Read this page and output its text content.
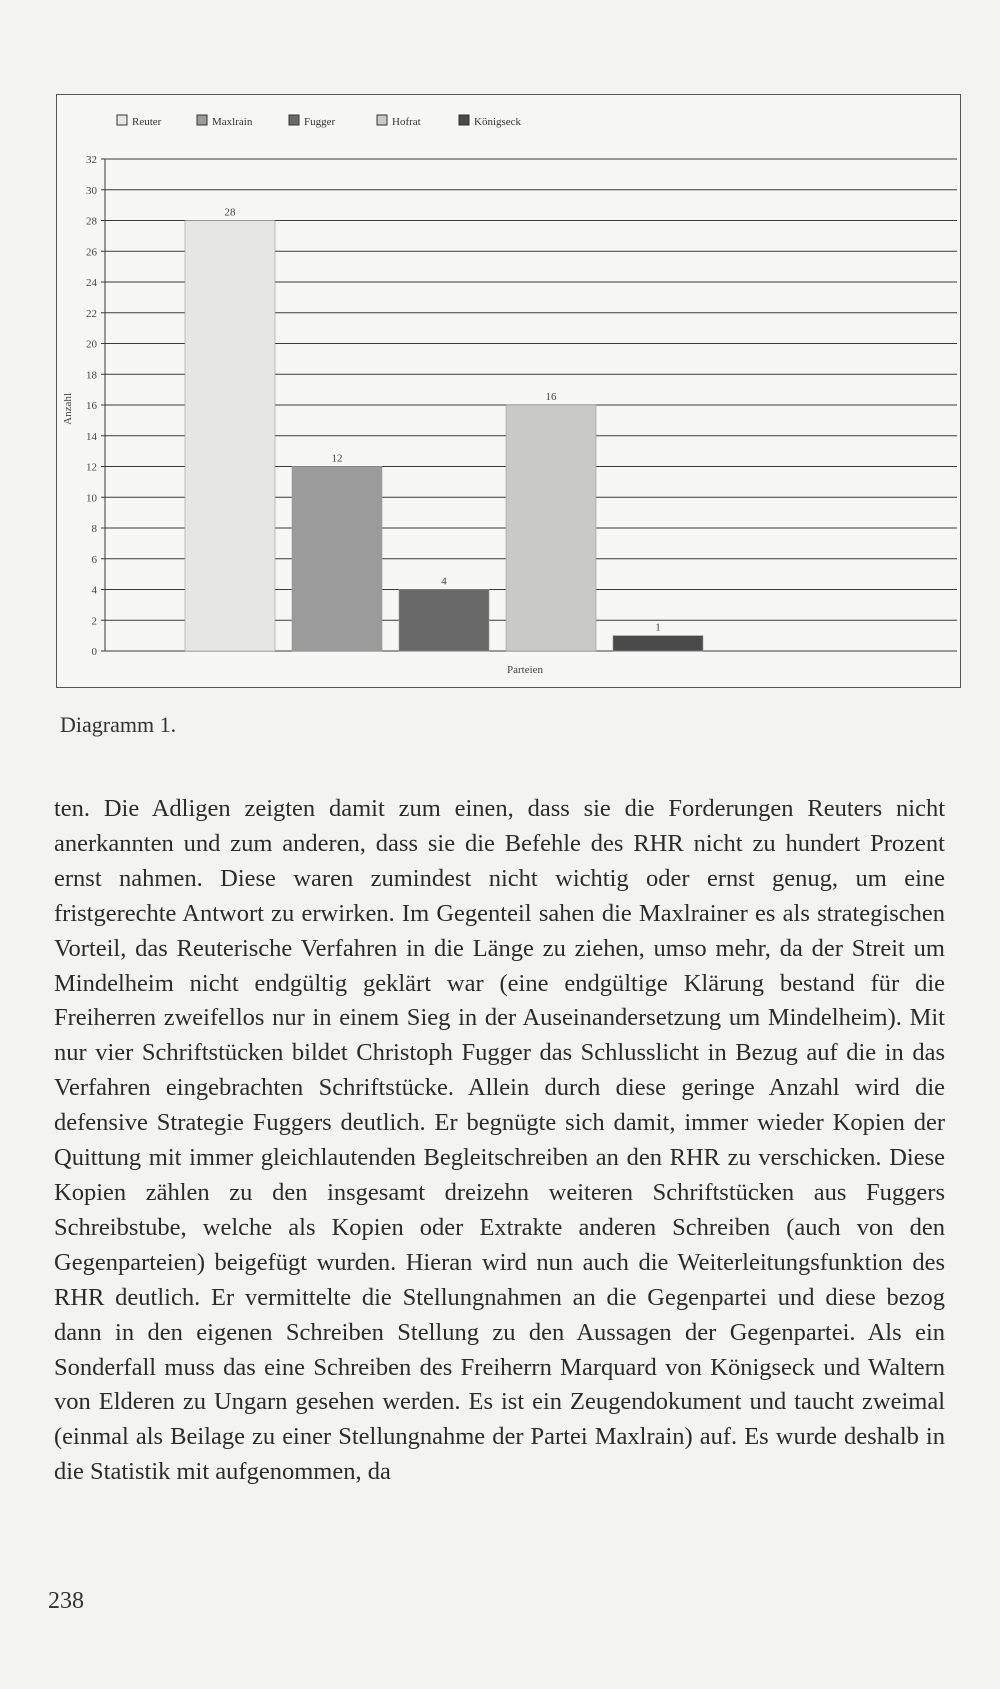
Reuter	Maxlrain	Fugger	Hofrat	Königseck
0
2
4
6
8
10
12
14
16
18
20
22
24
26
28
30
32
28
12
4
16
1
Parteien
Anzahl
Diagramm 1.

ten. Die Adligen zeigten damit zum einen, dass sie die Forderungen Reuters nicht anerkannten und zum anderen, dass sie die Befehle des RHR nicht zu hundert Prozent ernst nahmen. Diese waren zumindest nicht wichtig oder ernst genug, um eine fristgerechte Antwort zu erwirken. Im Gegenteil sahen die Maxlrainer es als strategischen Vorteil, das Reuterische Verfahren in die Länge zu ziehen, umso mehr, da der Streit um Mindelheim nicht endgültig geklärt war (eine endgültige Klärung bestand für die Freiherren zweifellos nur in einem Sieg in der Auseinandersetzung um Mindelheim). Mit nur vier Schriftstücken bildet Christoph Fugger das Schlusslicht in Bezug auf die in das Verfahren eingebrachten Schriftstücke. Allein durch diese geringe Anzahl wird die defensive Strategie Fuggers deutlich. Er begnügte sich damit, immer wieder Kopien der Quittung mit immer gleichlautenden Begleitschreiben an den RHR zu verschicken. Diese Kopien zählen zu den insgesamt dreizehn weiteren Schriftstücken aus Fuggers Schreibstube, welche als Kopien oder Extrakte anderen Schreiben (auch von den Gegenparteien) beigefügt wurden. Hieran wird nun auch die Weiterleitungsfunktion des RHR deutlich. Er vermittelte die Stellungnahmen an die Gegenpartei und diese bezog dann in den eigenen Schreiben Stellung zu den Aussagen der Gegenpartei. Als ein Sonderfall muss das eine Schreiben des Freiherrn Marquard von Königseck und Waltern von Elderen zu Ungarn gesehen werden. Es ist ein Zeugendokument und taucht zweimal (einmal als Beilage zu einer Stellungnahme der Partei Maxlrain) auf. Es wurde deshalb in die Statistik mit aufgenommen, da

238
